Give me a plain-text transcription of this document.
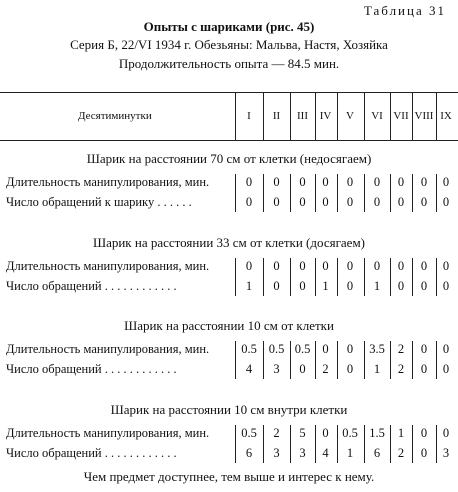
Таблица 31
Опыты с шариками (рис. 45)
Серия Б, 22/VI 1934 г. Обезьяны: Мальва, Настя, Хозяйка
Продолжительность опыта — 84.5 мин.
Десятиминутки	I	II	III	IV	V	VI VII VIII IX
Шарик на расстоянии 70 см от клетки (недосягаем)
Длительность манипулирования, мин.	0	0	0	0	0	0	0	0	0
Число обращений к шарику . . . . . .	0	0	0	0	0	0	0	0	0
Шарик на расстоянии 33 см от клетки (досягаем)
Длительность манипулирования, мин.	0	0	0	0	0	0	0	0	0
Число обращений . . . . . . . . . . . .	1	0	0	1	0	1	0	0	0
Шарик на расстоянии 10 см от клетки
Длительность манипулирования, мин.	0.5 0.5 0.5 0	0	3.5	2	0	0
Число обращений . . . . . . . . . . . .	4	3	0	2	0	1	2	0	0
Шарик на расстоянии 10 см внутри клетки
Длительность манипулирования, мин.	0.5	2	5	0	0.5 1.5	1	0	0
Число обращений . . . . . . . . . . . .	6	3	3	4	1	6	2	0	3
Чем предмет доступнее, тем выше и интерес к нему.
